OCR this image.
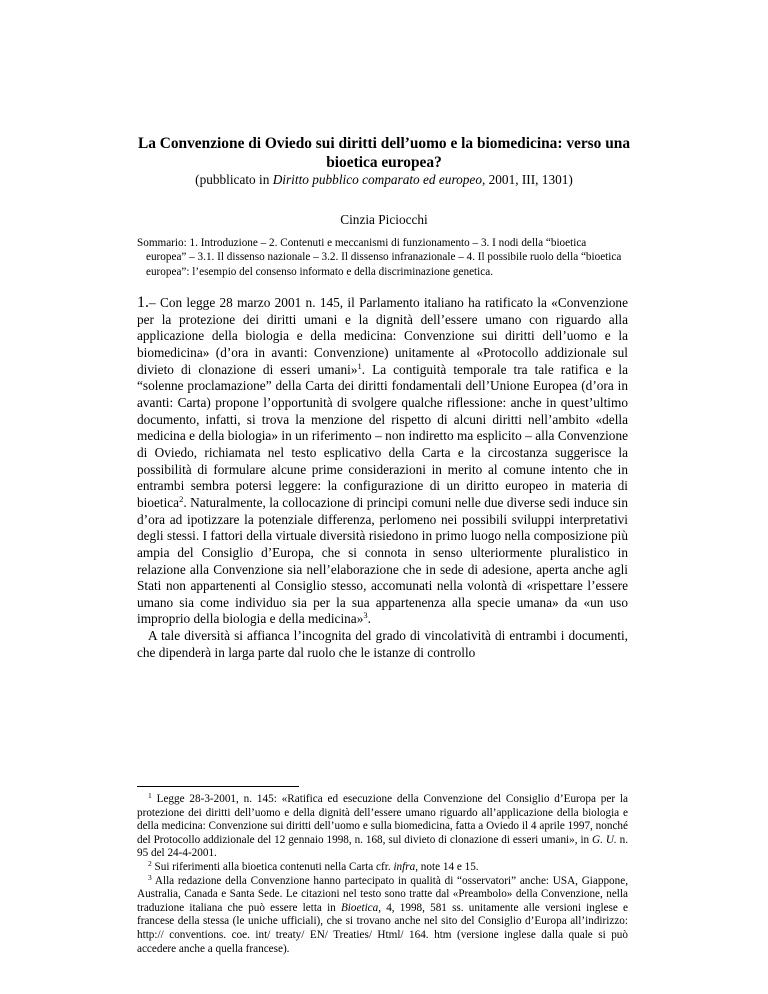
La Convenzione di Oviedo sui diritti dell’uomo e la biomedicina: verso una bioetica europea?

(pubblicato in Diritto pubblico comparato ed europeo, 2001, III, 1301)

Cinzia Piciocchi

Sommario: 1. Introduzione – 2. Contenuti e meccanismi di funzionamento – 3. I nodi della “bioetica europea” – 3.1. Il dissenso nazionale – 3.2. Il dissenso infranazionale – 4. Il possibile ruolo della “bioetica europea”: l’esempio del consenso informato e della discriminazione genetica.

1.– Con legge 28 marzo 2001 n. 145, il Parlamento italiano ha ratificato la «Convenzione per la protezione dei diritti umani e la dignità dell’essere umano con riguardo alla applicazione della biologia e della medicina: Convenzione sui diritti dell’uomo e la biomedicina» (d’ora in avanti: Convenzione) unitamente al «Protocollo addizionale sul divieto di clonazione di esseri umani»$^1$. La contiguità temporale tra tale ratifica e la “solenne proclamazione” della Carta dei diritti fondamentali dell’Unione Europea (d’ora in avanti: Carta) propone l’opportunità di svolgere qualche riflessione: anche in quest’ultimo documento, infatti, si trova la menzione del rispetto di alcuni diritti nell’ambito «della medicina e della biologia» in un riferimento – non indiretto ma esplicito – alla Convenzione di Oviedo, richiamata nel testo esplicativo della Carta e la circostanza suggerisce la possibilità di formulare alcune prime considerazioni in merito al comune intento che in entrambi sembra potersi leggere: la configurazione di un diritto europeo in materia di bioetica$^2$. Naturalmente, la collocazione di principi comuni nelle due diverse sedi induce sin d’ora ad ipotizzare la potenziale differenza, perlomeno nei possibili sviluppi interpretativi degli stessi. I fattori della virtuale diversità risiedono in primo luogo nella composizione più ampia del Consiglio d’Europa, che si connota in senso ulteriormente pluralistico in relazione alla Convenzione sia nell’elaborazione che in sede di adesione, aperta anche agli Stati non appartenenti al Consiglio stesso, accomunati nella volontà di «rispettare l’essere umano sia come individuo sia per la sua appartenenza alla specie umana» da «un uso improprio della biologia e della medicina»$^3$.

A tale diversità si affianca l’incognita del grado di vincolatività di entrambi i documenti, che dipenderà in larga parte dal ruolo che le istanze di controllo

$^1$ Legge 28-3-2001, n. 145: «Ratifica ed esecuzione della Convenzione del Consiglio d’Europa per la protezione dei diritti dell’uomo e della dignità dell’essere umano riguardo all’applicazione della biologia e della medicina: Convenzione sui diritti dell’uomo e sulla biomedicina, fatta a Oviedo il 4 aprile 1997, nonché del Protocollo addizionale del 12 gennaio 1998, n. 168, sul divieto di clonazione di esseri umani», in G. U. n. 95 del 24-4-2001.

$^2$ Sui riferimenti alla bioetica contenuti nella Carta cfr. infra, note 14 e 15.

$^3$ Alla redazione della Convenzione hanno partecipato in qualità di “osservatori” anche: USA, Giappone, Australia, Canada e Santa Sede. Le citazioni nel testo sono tratte dal «Preambolo» della Convenzione, nella traduzione italiana che può essere letta in Bioetica, 4, 1998, 581 ss. unitamente alle versioni inglese e francese della stessa (le uniche ufficiali), che si trovano anche nel sito del Consiglio d’Europa all’indirizzo: http:// conventions. coe. int/ treaty/ EN/ Treaties/ Html/ 164. htm (versione inglese dalla quale si può accedere anche a quella francese).
